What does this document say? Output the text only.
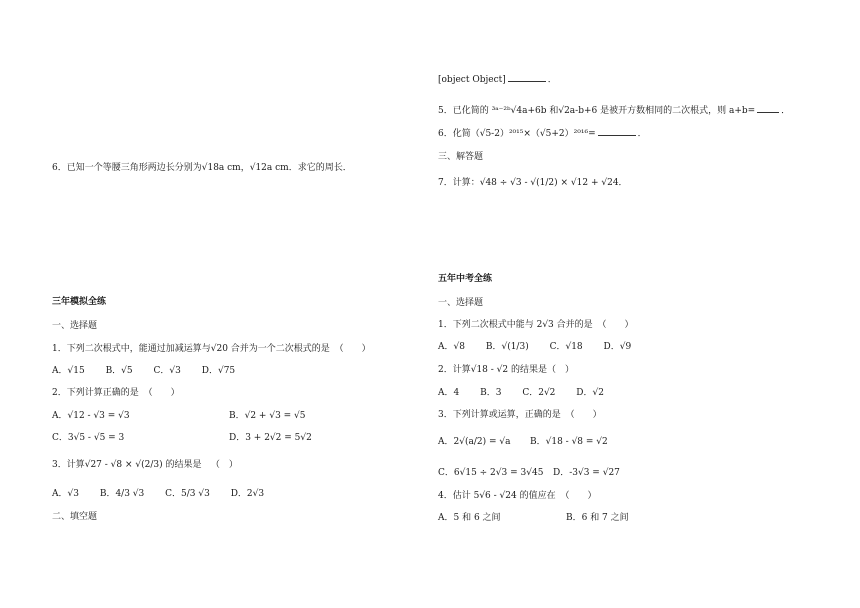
6．已知一个等腰三角形两边长分别为√18a cm，√12a cm．求它的周长．
三年模拟全练
一、选择题
1．下列二次根式中，能通过加减运算与√20 合并为一个二次根式的是 （　　）
A．√15 B．√5 C．√3 D．√75
2．下列计算正确的是 （　　）
A．√12 - √3 = √3	B．√2 + √3 = √5
C．3√5 - √5 = 3	D．3 + 2√2 = 5√2
3．计算√27 - √8 × √(2/3) 的结果是 （　）
A．√3 B．4/3 √3 C．5/3 √3 D．2√3
二、填空题
[object Object]	．
5．已化简的 ³ᵃ⁻²ᵇ√4a+6b 和√2a-b+6 是被开方数相同的二次根式，则 a+b=	．
6．化简（√5-2）²⁰¹⁵×（√5+2）²⁰¹⁶=	．
三、解答题
7．计算：√48 ÷ √3 - √(1/2) × √12 + √24．
五年中考全练
一、选择题
1．下列二次根式中能与 2√3 合并的是 （　　）
A．√8 B．√(1/3) C．√18 D．√9
2．计算√18 - √2 的结果是（　）
A．4 B．3 C．2√2 D．√2
3．下列计算或运算，正确的是 （　　）
A．2√(a/2) = √a B．√18 - √8 = √2
C．6√15 ÷ 2√3 = 3√45 D．-3√3 = √27
4．估计 5√6 - √24 的值应在 （　　）
A．5 和 6 之间	B．6 和 7 之间
